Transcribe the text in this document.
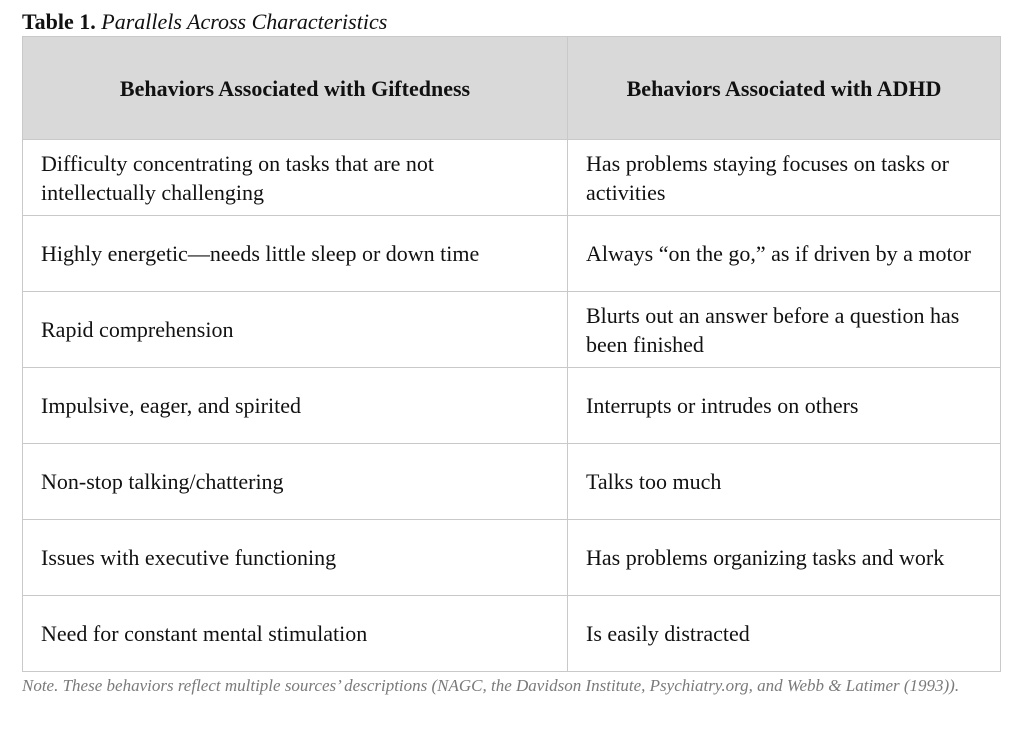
Table 1. Parallels Across Characteristics
Behaviors Associated with Giftedness	Behaviors Associated with ADHD
Difficulty concentrating on tasks that are not intellectually challenging	Has problems staying focuses on tasks or activities
Highly energetic—needs little sleep or down time	Always “on the go,” as if driven by a motor
Rapid comprehension	Blurts out an answer before a question has been finished
Impulsive, eager, and spirited	Interrupts or intrudes on others
Non-stop talking/chattering	Talks too much
Issues with executive functioning	Has problems organizing tasks and work
Need for constant mental stimulation	Is easily distracted
Note. These behaviors reflect multiple sources’ descriptions (NAGC, the Davidson Institute, Psychiatry.org, and Webb & Latimer (1993)).
